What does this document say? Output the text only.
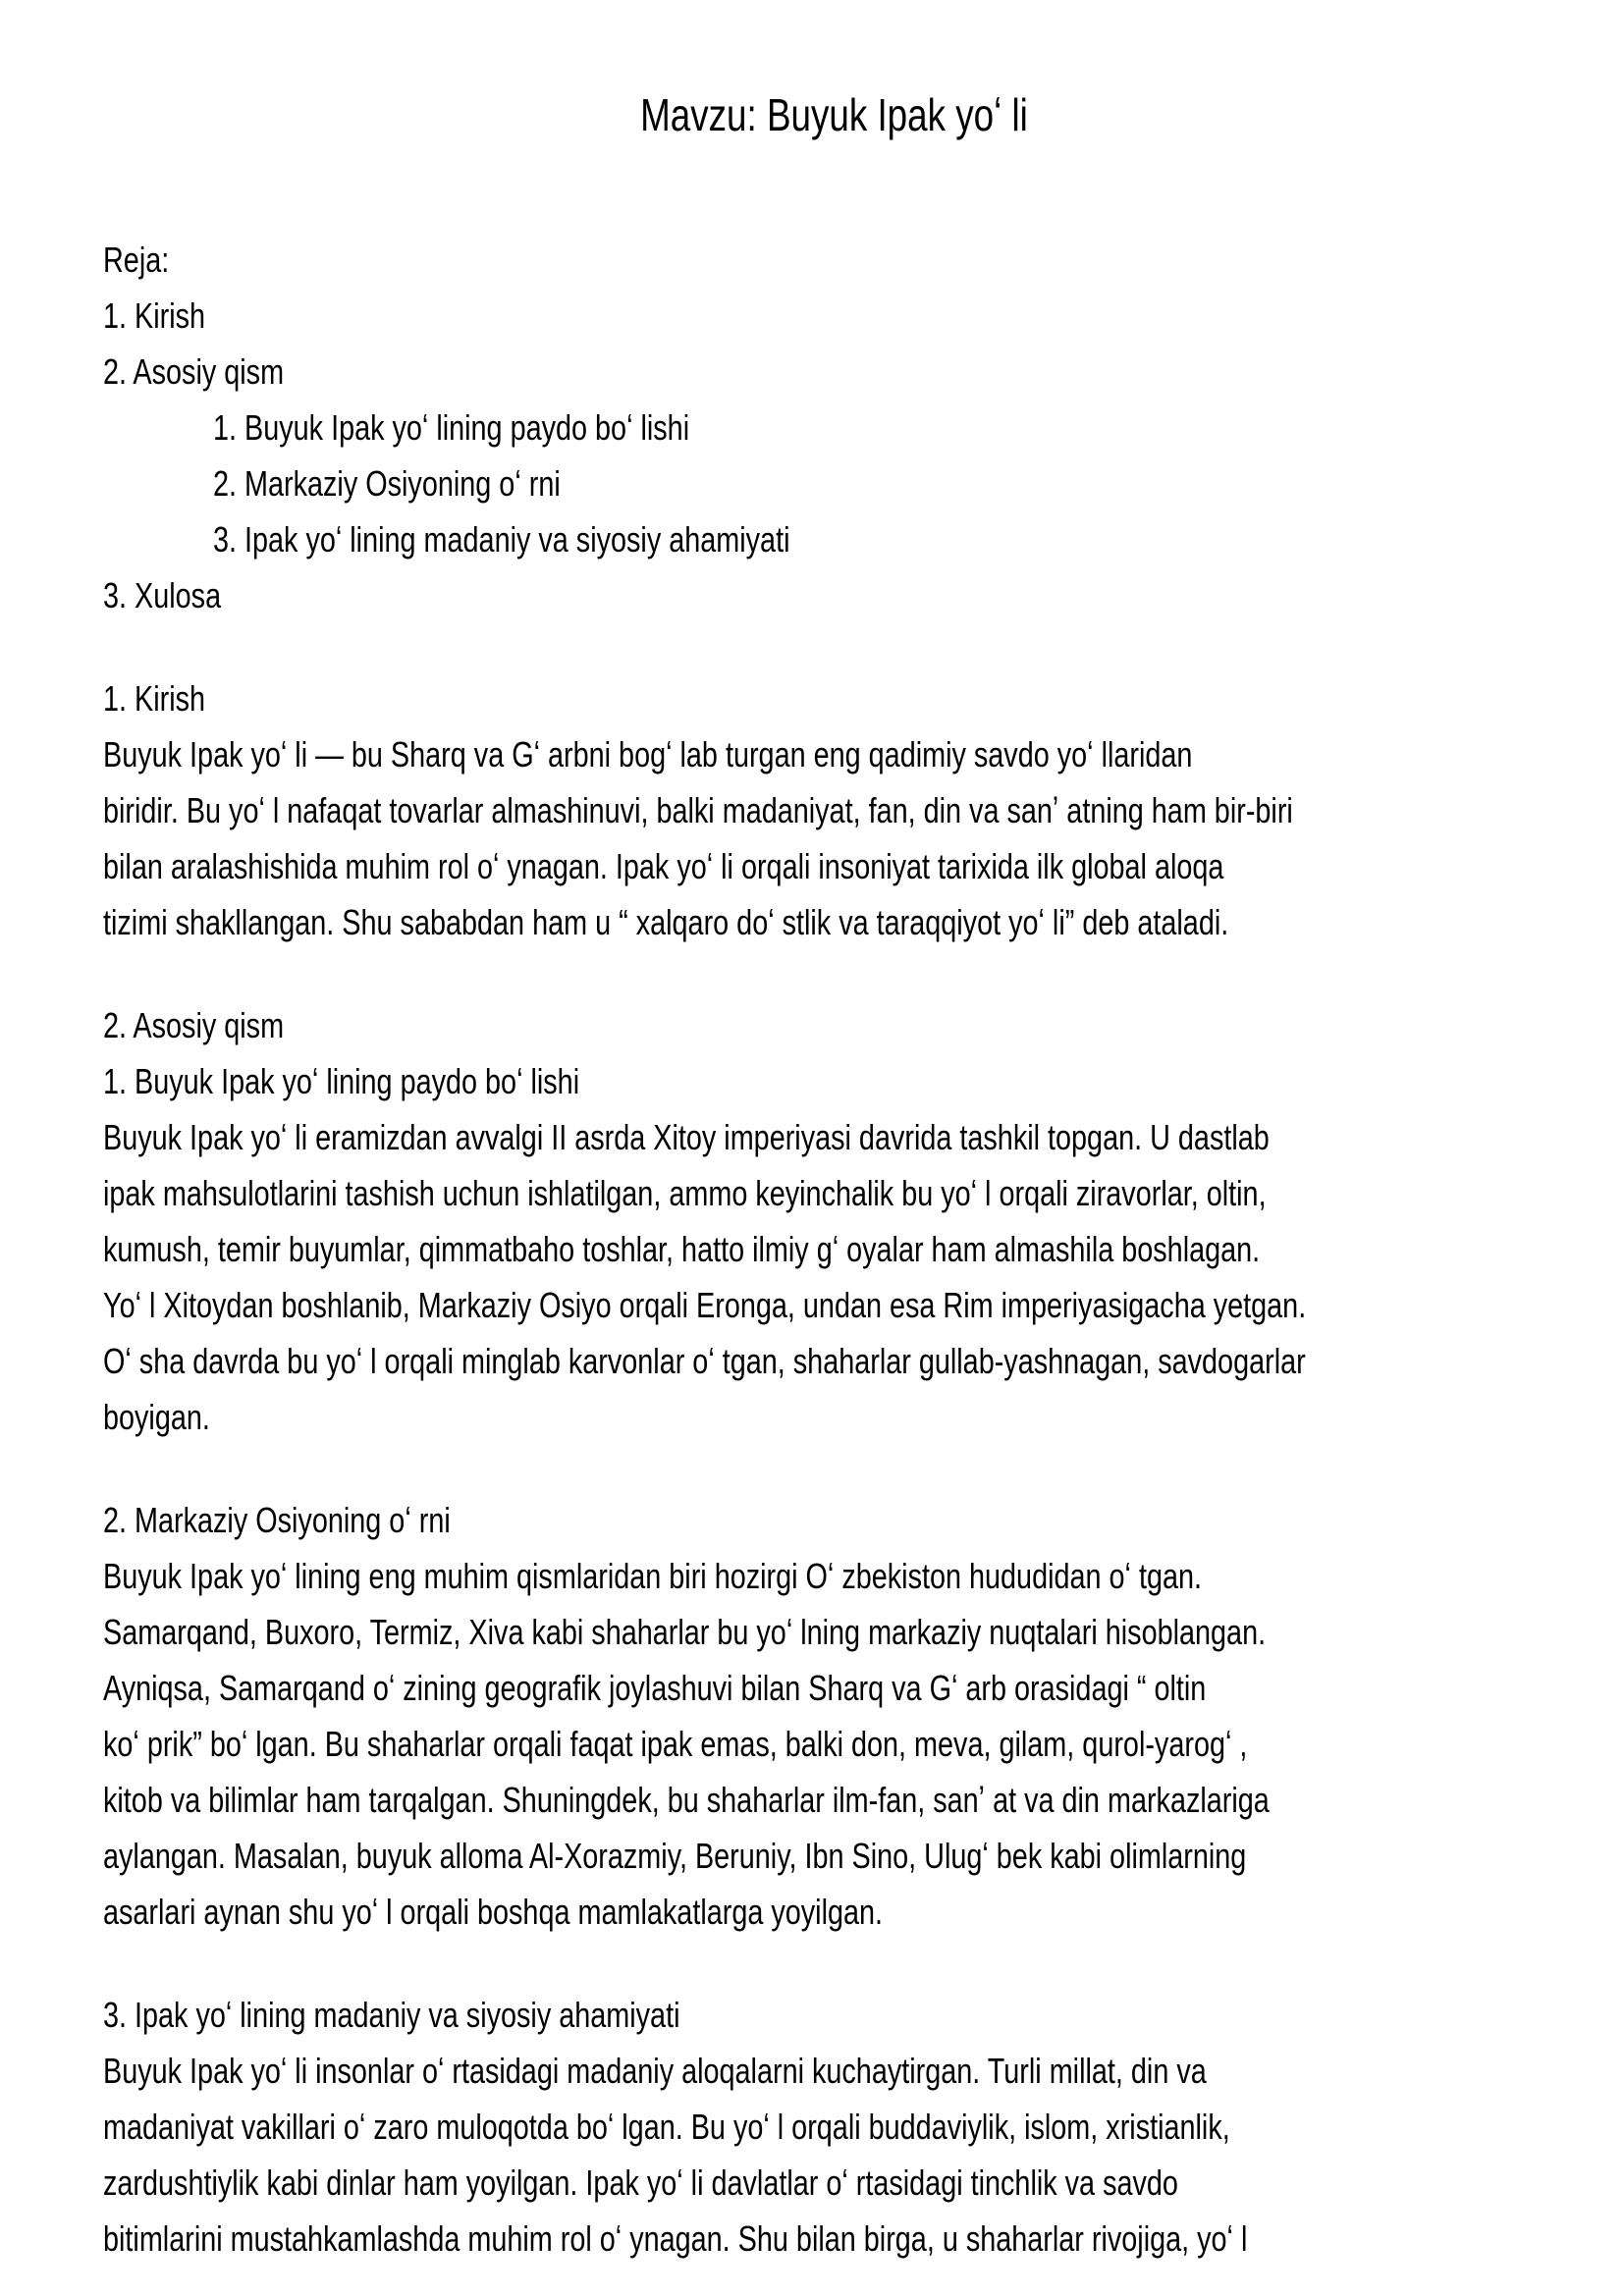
Mavzu: Buyuk Ipak yoʻ li
Reja:
1. Kirish
2. Asosiy qism
1. Buyuk Ipak yoʻ lining paydo boʻ lishi
2. Markaziy Osiyoning oʻ rni
3. Ipak yoʻ lining madaniy va siyosiy ahamiyati
3. Xulosa
1. Kirish
Buyuk Ipak yoʻ li — bu Sharq va Gʻ arbni bogʻ lab turgan eng qadimiy savdo yoʻ llaridan
biridir. Bu yoʻ l nafaqat tovarlar almashinuvi, balki madaniyat, fan, din va sanʼ atning ham bir-biri
bilan aralashishida muhim rol oʻ ynagan. Ipak yoʻ li orqali insoniyat tarixida ilk global aloqa
tizimi shakllangan. Shu sababdan ham u “ xalqaro doʻ stlik va taraqqiyot yoʻ li” deb ataladi.
2. Asosiy qism
1. Buyuk Ipak yoʻ lining paydo boʻ lishi
Buyuk Ipak yoʻ li eramizdan avvalgi II asrda Xitoy imperiyasi davrida tashkil topgan. U dastlab
ipak mahsulotlarini tashish uchun ishlatilgan, ammo keyinchalik bu yoʻ l orqali ziravorlar, oltin,
kumush, temir buyumlar, qimmatbaho toshlar, hatto ilmiy gʻ oyalar ham almashila boshlagan.
Yoʻ l Xitoydan boshlanib, Markaziy Osiyo orqali Eronga, undan esa Rim imperiyasigacha yetgan.
Oʻ sha davrda bu yoʻ l orqali minglab karvonlar oʻ tgan, shaharlar gullab-yashnagan, savdogarlar
boyigan.
2. Markaziy Osiyoning oʻ rni
Buyuk Ipak yoʻ lining eng muhim qismlaridan biri hozirgi Oʻ zbekiston hududidan oʻ tgan.
Samarqand, Buxoro, Termiz, Xiva kabi shaharlar bu yoʻ lning markaziy nuqtalari hisoblangan.
Ayniqsa, Samarqand oʻ zining geografik joylashuvi bilan Sharq va Gʻ arb orasidagi “ oltin
koʻ prik” boʻ lgan. Bu shaharlar orqali faqat ipak emas, balki don, meva, gilam, qurol-yarogʻ ,
kitob va bilimlar ham tarqalgan. Shuningdek, bu shaharlar ilm-fan, sanʼ at va din markazlariga
aylangan. Masalan, buyuk alloma Al-Xorazmiy, Beruniy, Ibn Sino, Ulugʻ bek kabi olimlarning
asarlari aynan shu yoʻ l orqali boshqa mamlakatlarga yoyilgan.
3. Ipak yoʻ lining madaniy va siyosiy ahamiyati
Buyuk Ipak yoʻ li insonlar oʻ rtasidagi madaniy aloqalarni kuchaytirgan. Turli millat, din va
madaniyat vakillari oʻ zaro muloqotda boʻ lgan. Bu yoʻ l orqali buddaviylik, islom, xristianlik,
zardushtiylik kabi dinlar ham yoyilgan. Ipak yoʻ li davlatlar oʻ rtasidagi tinchlik va savdo
bitimlarini mustahkamlashda muhim rol oʻ ynagan. Shu bilan birga, u shaharlar rivojiga, yoʻ l
